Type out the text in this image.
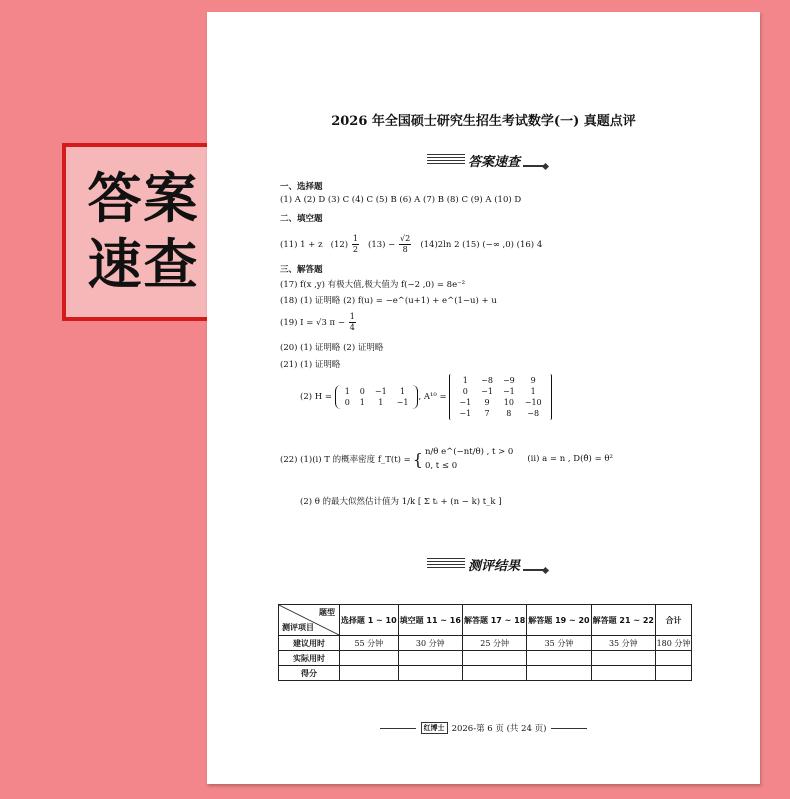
答案
速查
2026 年全国硕士研究生招生考试数学(一) 真题点评
答案速查
一、选择题
(1) A (2) D (3) C (4) C (5) B (6) A (7) B (8) C (9) A (10) D
二、填空题
(11) 1 + z $(12) \frac{1}{2} (13) - \frac{√2}{8} (14)2\ln$ 2 (15) (−∞ ,0) (16) 4
三、解答题
(17) f(x ,y) 有极大值,极大值为 f(−2 ,0) = 8e⁻²
(18) (1) 证明略 (2) f(u) = −e^(u+1) + e^(1−u) + u
(19) I = √3 $\pi - \frac{1}{4}$
(20) (1) 证明略 (2) 证明略
(21) (1) 证明略
(2) H =

1	0	−1	1
0	1	1	−1
, A¹⁰ =

1	−8	−9	9
0	−1	−1	1
−1	9	10	−10
−1	7	8	−8
(22) (1)(i) T 的概率密度 f_T(t) = { n/θ e^(−nt/θ) , t > 0
0, t ≤ 0
(ii) a = n , D(θ̂) = θ²
(2) θ 的最大似然估计值为 1/k [ Σ tᵢ + (n − k) t_k ]
测评结果
题型
测评项目	选择题 1 ~ 10	填空题 11 ~ 16	解答题 17 ~ 18	解答题 19 ~ 20	解答题 21 ~ 22	合计
建议用时	55 分钟	30 分钟	25 分钟	35 分钟	35 分钟	180 分钟
实际用时						
得分						
红博士 2026-第 6 页 (共 24 页)
